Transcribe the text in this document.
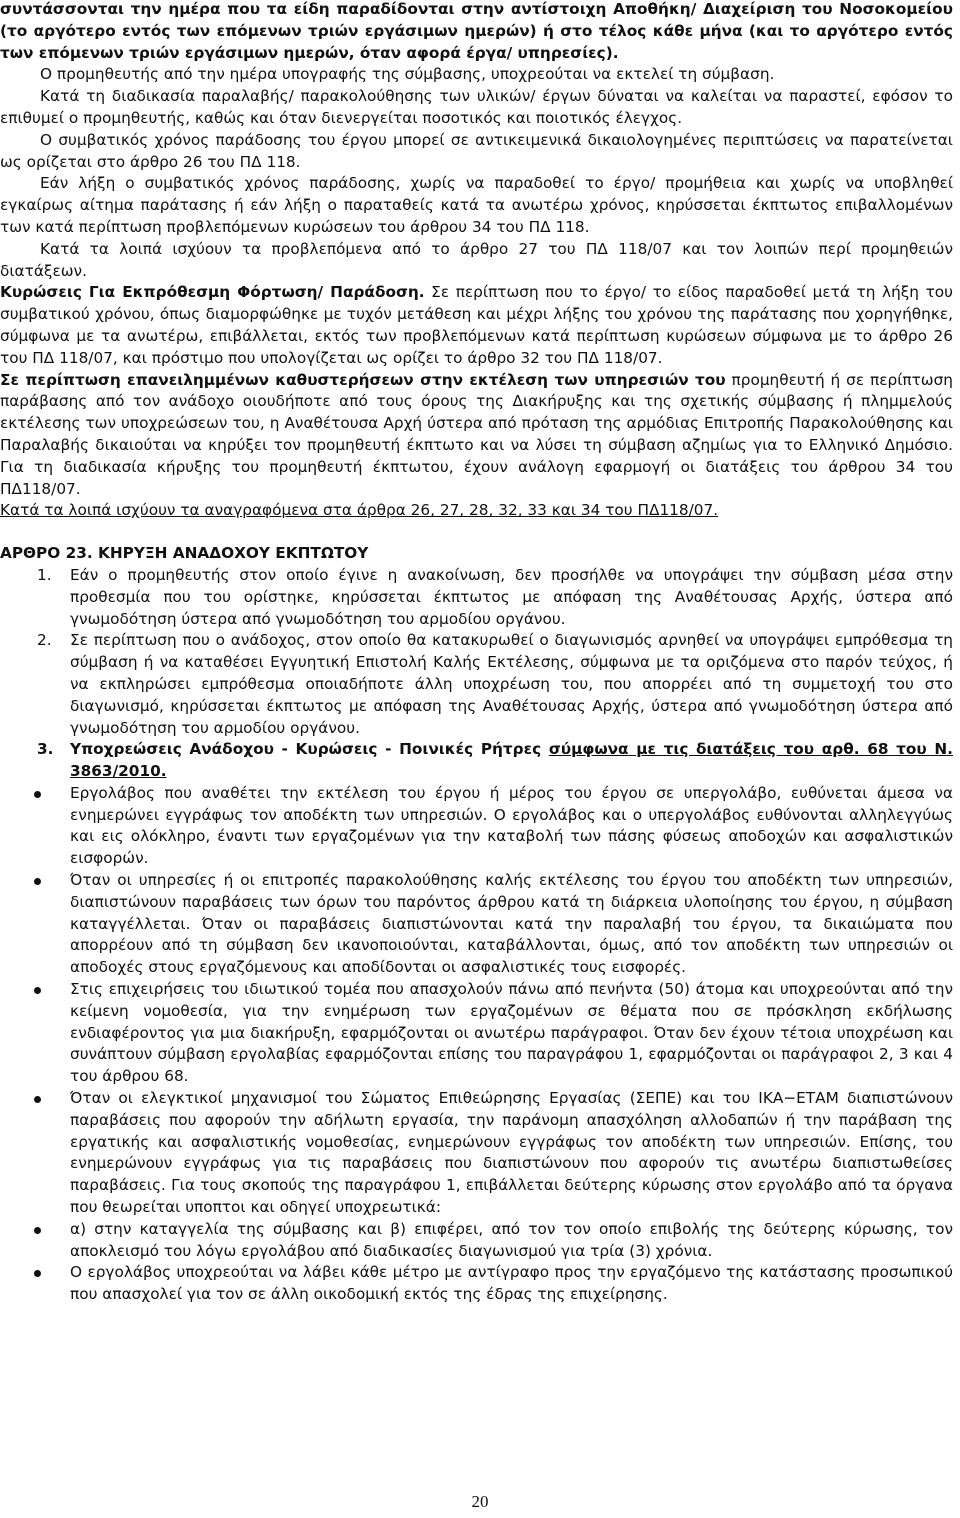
συντάσσονται την ημέρα που τα είδη παραδίδονται στην αντίστοιχη Αποθήκη/ Διαχείριση του Νοσοκομείου (το αργότερο εντός των επόμενων τριών εργάσιμων ημερών) ή στο τέλος κάθε μήνα (και το αργότερο εντός των επόμενων τριών εργάσιμων ημερών, όταν αφορά έργα/ υπηρεσίες).

Ο προμηθευτής από την ημέρα υπογραφής της σύμβασης, υποχρεούται να εκτελεί τη σύμβαση.

Κατά τη διαδικασία παραλαβής/ παρακολούθησης των υλικών/ έργων δύναται να καλείται να παραστεί, εφόσον το επιθυμεί ο προμηθευτής, καθώς και όταν διενεργείται ποσοτικός και ποιοτικός έλεγχος.

Ο συμβατικός χρόνος παράδοσης του έργου μπορεί σε αντικειμενικά δικαιολογημένες περιπτώσεις να παρατείνεται ως ορίζεται στο άρθρο 26 του ΠΔ 118.

Εάν λήξη ο συμβατικός χρόνος παράδοσης, χωρίς να παραδοθεί το έργο/ προμήθεια και χωρίς να υποβληθεί εγκαίρως αίτημα παράτασης ή εάν λήξη ο παραταθείς κατά τα ανωτέρω χρόνος, κηρύσσεται έκπτωτος επιβαλλομένων των κατά περίπτωση προβλεπόμενων κυρώσεων του άρθρου 34 του ΠΔ 118.

Κατά τα λοιπά ισχύουν τα προβλεπόμενα από το άρθρο 27 του ΠΔ 118/07 και τον λοιπών περί προμηθειών διατάξεων.

Κυρώσεις Για Εκπρόθεσμη Φόρτωση/ Παράδοση. Σε περίπτωση που το έργο/ το είδος παραδοθεί μετά τη λήξη του συμβατικού χρόνου, όπως διαμορφώθηκε με τυχόν μετάθεση και μέχρι λήξης του χρόνου της παράτασης που χορηγήθηκε, σύμφωνα με τα ανωτέρω, επιβάλλεται, εκτός των προβλεπόμενων κατά περίπτωση κυρώσεων σύμφωνα με το άρθρο 26 του ΠΔ 118/07, και πρόστιμο που υπολογίζεται ως ορίζει το άρθρο 32 του ΠΔ 118/07.

Σε περίπτωση επανειλημμένων καθυστερήσεων στην εκτέλεση των υπηρεσιών του προμηθευτή ή σε περίπτωση παράβασης από τον ανάδοχο οιουδήποτε από τους όρους της Διακήρυξης και της σχετικής σύμβασης ή πλημμελούς εκτέλεσης των υποχρεώσεων του, η Αναθέτουσα Αρχή ύστερα από πρόταση της αρμόδιας Επιτροπής Παρακολούθησης και Παραλαβής δικαιούται να κηρύξει τον προμηθευτή έκπτωτο και να λύσει τη σύμβαση αζημίως για το Ελληνικό Δημόσιο. Για τη διαδικασία κήρυξης του προμηθευτή έκπτωτου, έχουν ανάλογη εφαρμογή οι διατάξεις του άρθρου 34 του ΠΔ118/07.

Κατά τα λοιπά ισχύουν τα αναγραφόμενα στα άρθρα 26, 27, 28, 32, 33 και 34 του ΠΔ118/07.

ΑΡΘΡΟ 23. ΚΗΡΥΞΗ ΑΝΑΔΟΧΟΥ ΕΚΠΤΩΤΟΥ

1. Εάν ο προμηθευτής στον οποίο έγινε η ανακοίνωση, δεν προσήλθε να υπογράψει την σύμβαση μέσα στην προθεσμία που του ορίστηκε, κηρύσσεται έκπτωτος με απόφαση της Αναθέτουσας Αρχής, ύστερα από γνωμοδότηση ύστερα από γνωμοδότηση του αρμοδίου οργάνου.
2. Σε περίπτωση που ο ανάδοχος, στον οποίο θα κατακυρωθεί ο διαγωνισμός αρνηθεί να υπογράψει εμπρόθεσμα τη σύμβαση ή να καταθέσει Εγγυητική Επιστολή Καλής Εκτέλεσης, σύμφωνα με τα οριζόμενα στο παρόν τεύχος, ή να εκπληρώσει εμπρόθεσμα οποιαδήποτε άλλη υποχρέωση του, που απορρέει από τη συμμετοχή του στο διαγωνισμό, κηρύσσεται έκπτωτος με απόφαση της Αναθέτουσας Αρχής, ύστερα από γνωμοδότηση ύστερα από γνωμοδότηση του αρμοδίου οργάνου.
3. Υποχρεώσεις Ανάδοχου - Κυρώσεις - Ποινικές Ρήτρες σύμφωνα με τις διατάξεις του αρθ. 68 του Ν. 3863/2010.
Εργολάβος που αναθέτει την εκτέλεση του έργου ή μέρος του έργου σε υπεργολάβο, ευθύνεται άμεσα να ενημερώνει εγγράφως τον αποδέκτη των υπηρεσιών. Ο εργολάβος και ο υπεργολάβος ευθύνονται αλληλεγγύως και εις ολόκληρο, έναντι των εργαζομένων για την καταβολή των πάσης φύσεως αποδοχών και ασφαλιστικών εισφορών.
Όταν οι υπηρεσίες ή οι επιτροπές παρακολούθησης καλής εκτέλεσης του έργου του αποδέκτη των υπηρεσιών, διαπιστώνουν παραβάσεις των όρων του παρόντος άρθρου κατά τη διάρκεια υλοποίησης του έργου, η σύμβαση καταγγέλλεται. Όταν οι παραβάσεις διαπιστώνονται κατά την παραλαβή του έργου, τα δικαιώματα που απορρέουν από τη σύμβαση δεν ικανοποιούνται, καταβάλλονται, όμως, από τον αποδέκτη των υπηρεσιών οι αποδοχές στους εργαζόμενους και αποδίδονται οι ασφαλιστικές τους εισφορές.
Στις επιχειρήσεις του ιδιωτικού τομέα που απασχολούν πάνω από πενήντα (50) άτομα και υποχρεούνται από την κείμενη νομοθεσία, για την ενημέρωση των εργαζομένων σε θέματα που σε πρόσκληση εκδήλωσης ενδιαφέροντος για μια διακήρυξη, εφαρμόζονται οι ανωτέρω παράγραφοι. Όταν δεν έχουν τέτοια υποχρέωση και συνάπτουν σύμβαση εργολαβίας εφαρμόζονται επίσης του παραγράφου 1, εφαρμόζονται οι παράγραφοι 2, 3 και 4 του άρθρου 68.
Όταν οι ελεγκτικοί μηχανισμοί του Σώματος Επιθεώρησης Εργασίας (ΣΕΠΕ) και του ΙΚΑ−ΕΤΑΜ διαπιστώνουν παραβάσεις που αφορούν την αδήλωτη εργασία, την παράνομη απασχόληση αλλοδαπών ή την παράβαση της εργατικής και ασφαλιστικής νομοθεσίας, ενημερώνουν εγγράφως τον αποδέκτη των υπηρεσιών. Επίσης, του ενημερώνουν εγγράφως για τις παραβάσεις που διαπιστώνουν που αφορούν τις ανωτέρω διαπιστωθείσες παραβάσεις. Για τους σκοπούς της παραγράφου 1, επιβάλλεται δεύτερης κύρωσης στον εργολάβο από τα όργανα που θεωρείται υποπτοι και οδηγεί υποχρεωτικά:
α) στην καταγγελία της σύμβασης και β) επιφέρει, από τον τον οποίο επιβολής της δεύτερης κύρωσης, τον αποκλεισμό του λόγω εργολάβου από διαδικασίες διαγωνισμού για τρία (3) χρόνια.
Ο εργολάβος υποχρεούται να λάβει κάθε μέτρο με αντίγραφο προς την εργαζόμενο της κατάστασης προσωπικού που απασχολεί για τον σε άλλη οικοδομική εκτός της έδρας της επιχείρησης.
20
